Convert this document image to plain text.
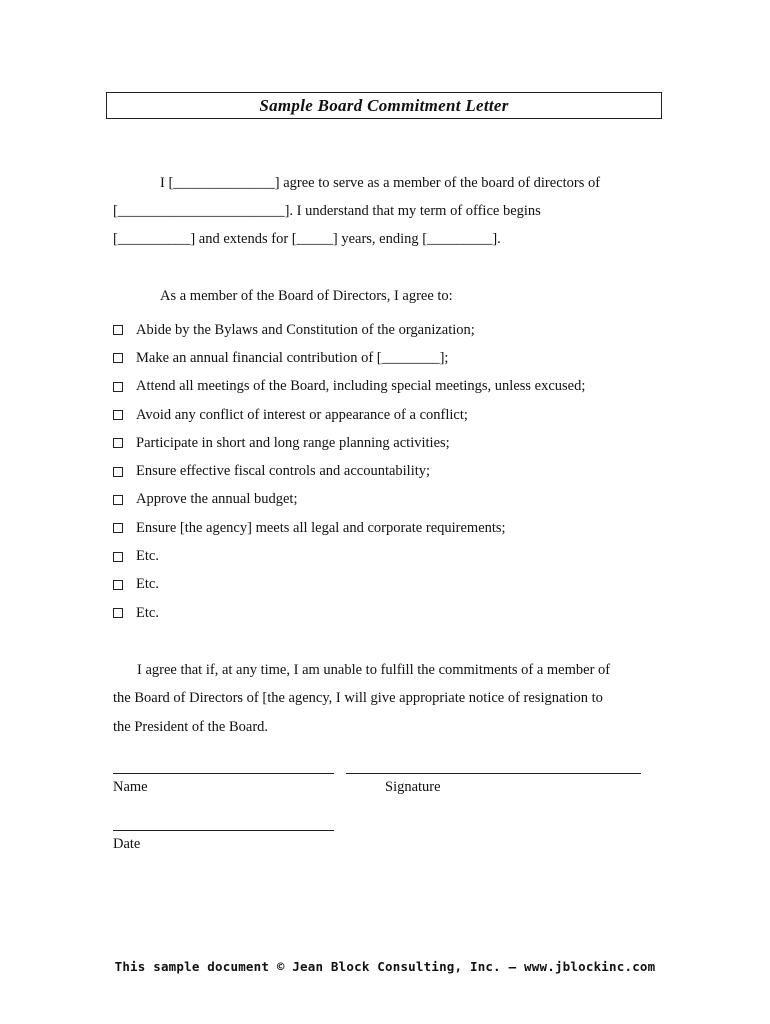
Sample Board Commitment Letter
I [______________] agree to serve as a member of the board of directors of
[_______________________]. I understand that my term of office begins
[__________] and extends for [_____] years, ending [_________].
As a member of the Board of Directors, I agree to:
Abide by the Bylaws and Constitution of the organization;
Make an annual financial contribution of [________];
Attend all meetings of the Board, including special meetings, unless excused;
Avoid any conflict of interest or appearance of a conflict;
Participate in short and long range planning activities;
Ensure effective fiscal controls and accountability;
Approve the annual budget;
Ensure [the agency] meets all legal and corporate requirements;
Etc.
Etc.
Etc.
I agree that if, at any time, I am unable to fulfill the commitments of a member of
the Board of Directors of [the agency, I will give appropriate notice of resignation to
the President of the Board.
Name	Signature
Date
This sample document © Jean Block Consulting, Inc. – www.jblockinc.com
